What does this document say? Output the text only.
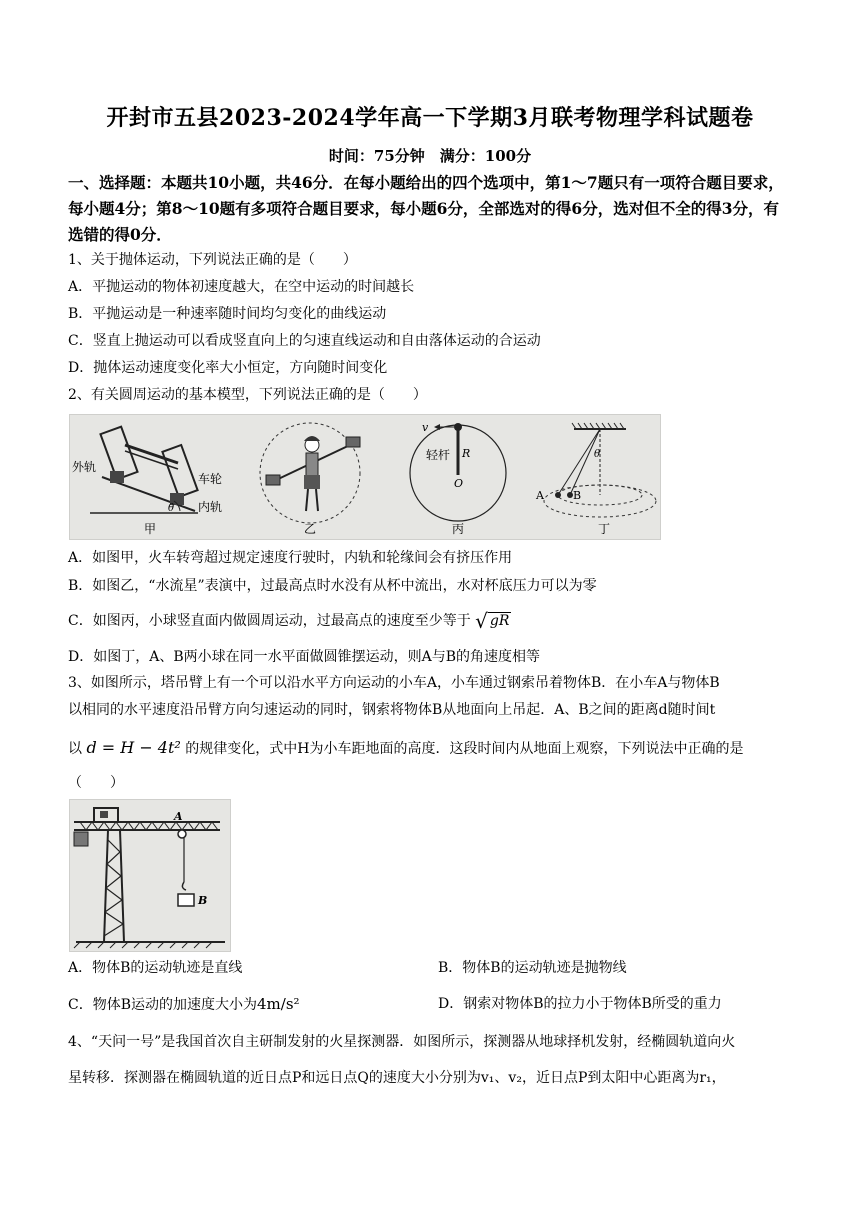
开封市五县2023-2024学年高一下学期3月联考物理学科试题卷
时间：75分钟　满分：100分
一、选择题：本题共10小题，共46分．在每小题给出的四个选项中，第1～7题只有一项符合题目要求，每小题4分；第8～10题有多项符合题目要求，每小题6分，全部选对的得6分，选对但不全的得3分，有选错的得0分．
1、关于抛体运动，下列说法正确的是（　　）
A．平抛运动的物体初速度越大，在空中运动的时间越长
B．平抛运动是一种速率随时间均匀变化的曲线运动
C．竖直上抛运动可以看成竖直向上的匀速直线运动和自由落体运动的合运动
D．抛体运动速度变化率大小恒定，方向随时间变化
2、有关圆周运动的基本模型，下列说法正确的是（　　）
外轨
车轮
内轨
θ
甲	乙
v
轻杆 R
O
丙
A	B
θ
丁
A．如图甲，火车转弯超过规定速度行驶时，内轨和轮缘间会有挤压作用
B．如图乙，“水流星”表演中，过最高点时水没有从杯中流出，水对杯底压力可以为零
C．如图丙，小球竖直面内做圆周运动，过最高点的速度至少等于 √ gR
D．如图丁，A、B两小球在同一水平面做圆锥摆运动，则A与B的角速度相等
3、如图所示，塔吊臂上有一个可以沿水平方向运动的小车A，小车通过钢索吊着物体B．在小车A与物体B
以相同的水平速度沿吊臂方向匀速运动的同时，钢索将物体B从地面向上吊起．A、B之间的距离d随时间t
以 d = H − 4t² 的规律变化，式中H为小车距地面的高度．这段时间内从地面上观察，下列说法中正确的是
（　　）
A
B
A．物体B的运动轨迹是直线	B．物体B的运动轨迹是抛物线
C．物体B运动的加速度大小为4m/s²	D．钢索对物体B的拉力小于物体B所受的重力
4、“天问一号”是我国首次自主研制发射的火星探测器．如图所示，探测器从地球择机发射，经椭圆轨道向火
星转移．探测器在椭圆轨道的近日点P和远日点Q的速度大小分别为v₁、v₂，近日点P到太阳中心距离为r₁，
